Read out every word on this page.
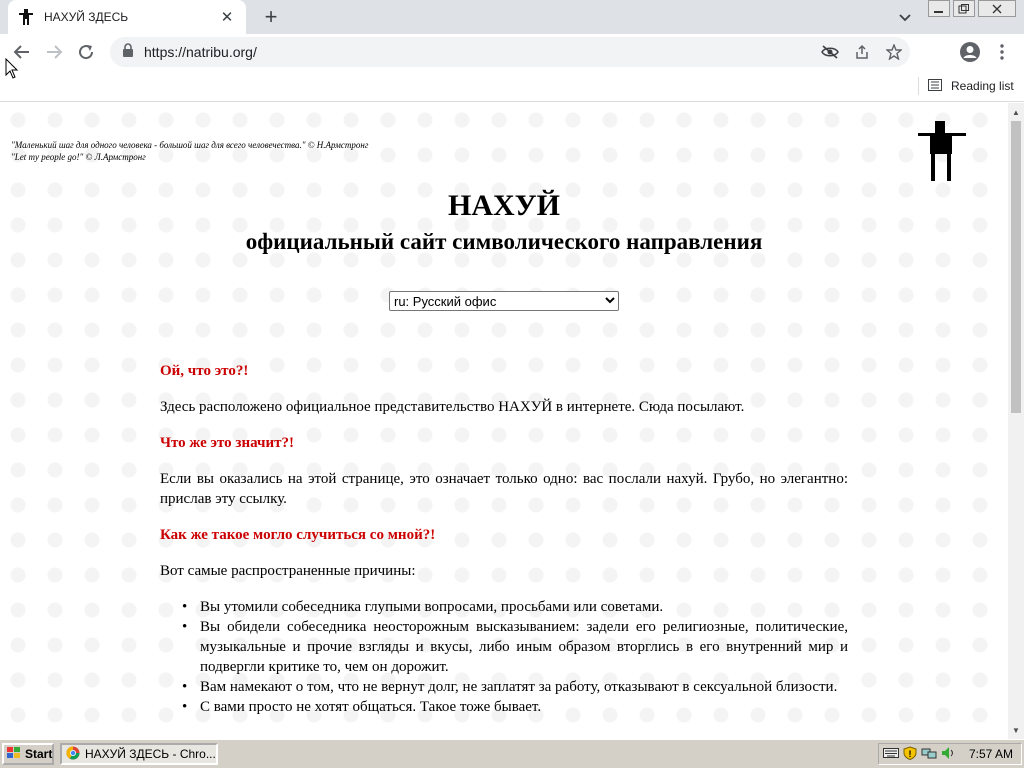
НАХУЙ ЗДЕСЬ	✕ +
https://natribu.org/
Reading list
"Маленький шаг для одного человека - большой шаг для всего человечества." © Н.Армстронг
"Let my people go!" © Л.Армстронг
НАХУЙ
официальный сайт символического направления
ru: Русский офис
Ой, что это?!

Здесь расположено официальное представительство НАХУЙ в интернете. Сюда посылают.

Что же это значит?!

Если вы оказались на этой странице, это означает только одно: вас послали нахуй. Грубо, но элегантно: прислав эту ссылку.

Как же такое могло случиться со мной?!

Вот самые распространенные причины:

• Вы утомили собеседника глупыми вопросами, просьбами или советами.
• Вы обидели собеседника неосторожным высказыванием: задели его религиозные, политические, музыкальные и прочие взгляды и вкусы, либо иным образом вторглись в его внутренний мир и подвергли критике то, чем он дорожит.
• Вам намекают о том, что не вернут долг, не заплатят за работу, отказывают в сексуальной близости.
• С вами просто не хотят общаться. Такое тоже бывает.
▲
▼
Start	НАХУЙ ЗДЕСЬ - Chro...	!	7:57 AM
